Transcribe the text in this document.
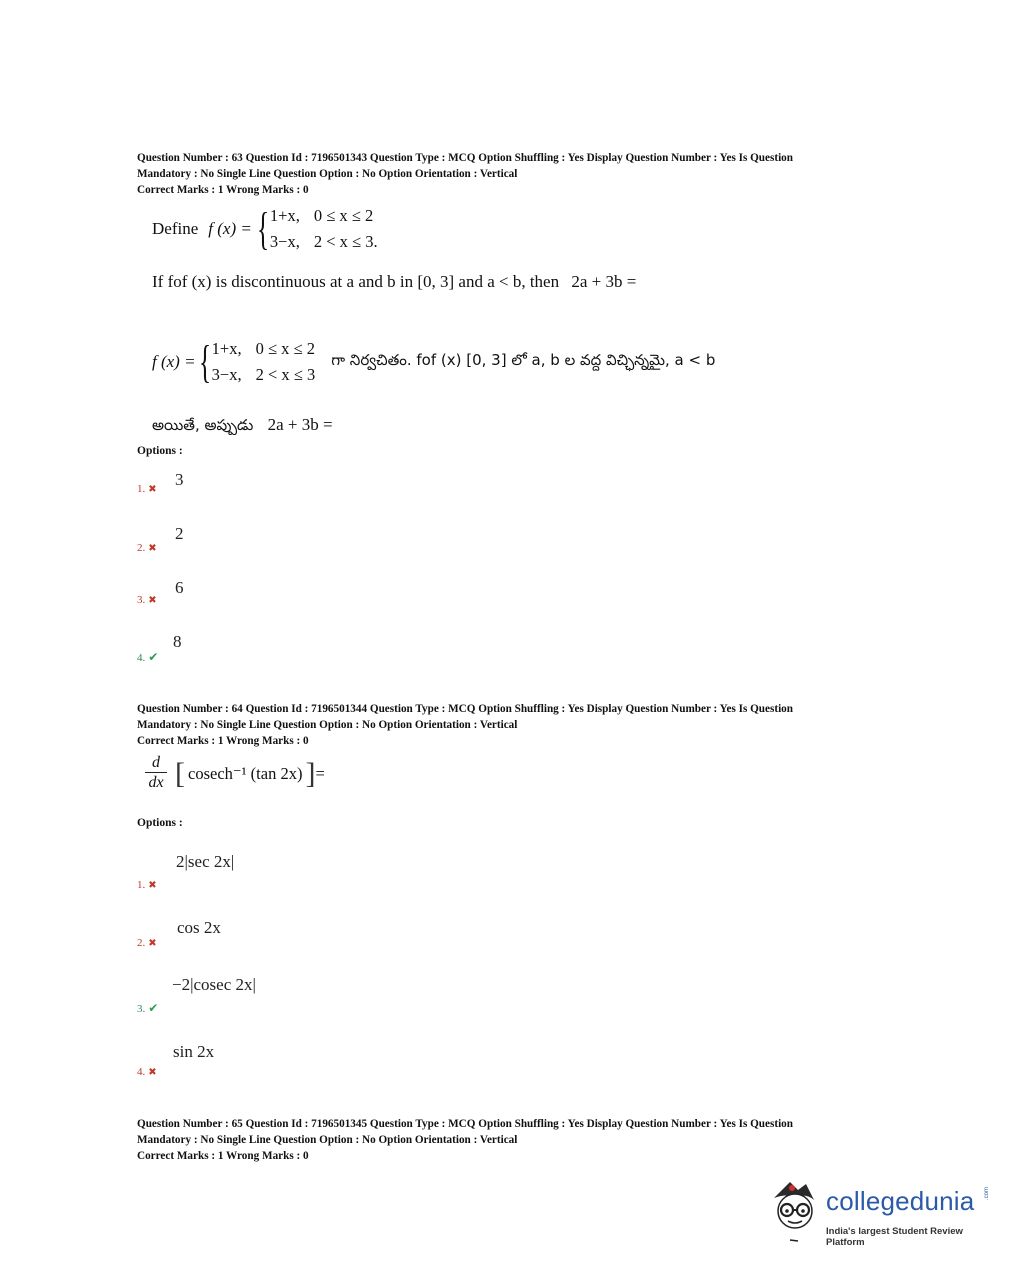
Question Number : 63 Question Id : 7196501343 Question Type : MCQ Option Shuffling : Yes Display Question Number : Yes Is Question
Mandatory : No Single Line Question Option : No Option Orientation : Vertical
Correct Marks : 1 Wrong Marks : 0
Define f (x) = { 1+x, 0 ≤ x ≤ 2
3−x, 2 < x ≤ 3.
If fof (x) is discontinuous at a and b in [0, 3] and a < b, then 2a + 3b =
f (x) = { 1+x, 0 ≤ x ≤ 2
3−x, 2 < x ≤ 3
గా నిర్వచితం. fof (x) [0, 3] లో a, b ల వద్ద విచ్ఛిన్నమై, a < b
అయితే, అప్పుడు 2a + 3b =
Options :
3
1. ✖
2
2. ✖
6
3. ✖
8
4. ✔
Question Number : 64 Question Id : 7196501344 Question Type : MCQ Option Shuffling : Yes Display Question Number : Yes Is Question
Mandatory : No Single Line Question Option : No Option Orientation : Vertical
Correct Marks : 1 Wrong Marks : 0
d
dx [ cosech⁻¹ (tan 2x) ] =
Options :
2|sec 2x|
1. ✖
cos 2x
2. ✖
−2|cosec 2x|
3. ✔
sin 2x
4. ✖
Question Number : 65 Question Id : 7196501345 Question Type : MCQ Option Shuffling : Yes Display Question Number : Yes Is Question
Mandatory : No Single Line Question Option : No Option Orientation : Vertical
Correct Marks : 1 Wrong Marks : 0
collegedunia .com
India's largest Student Review Platform
